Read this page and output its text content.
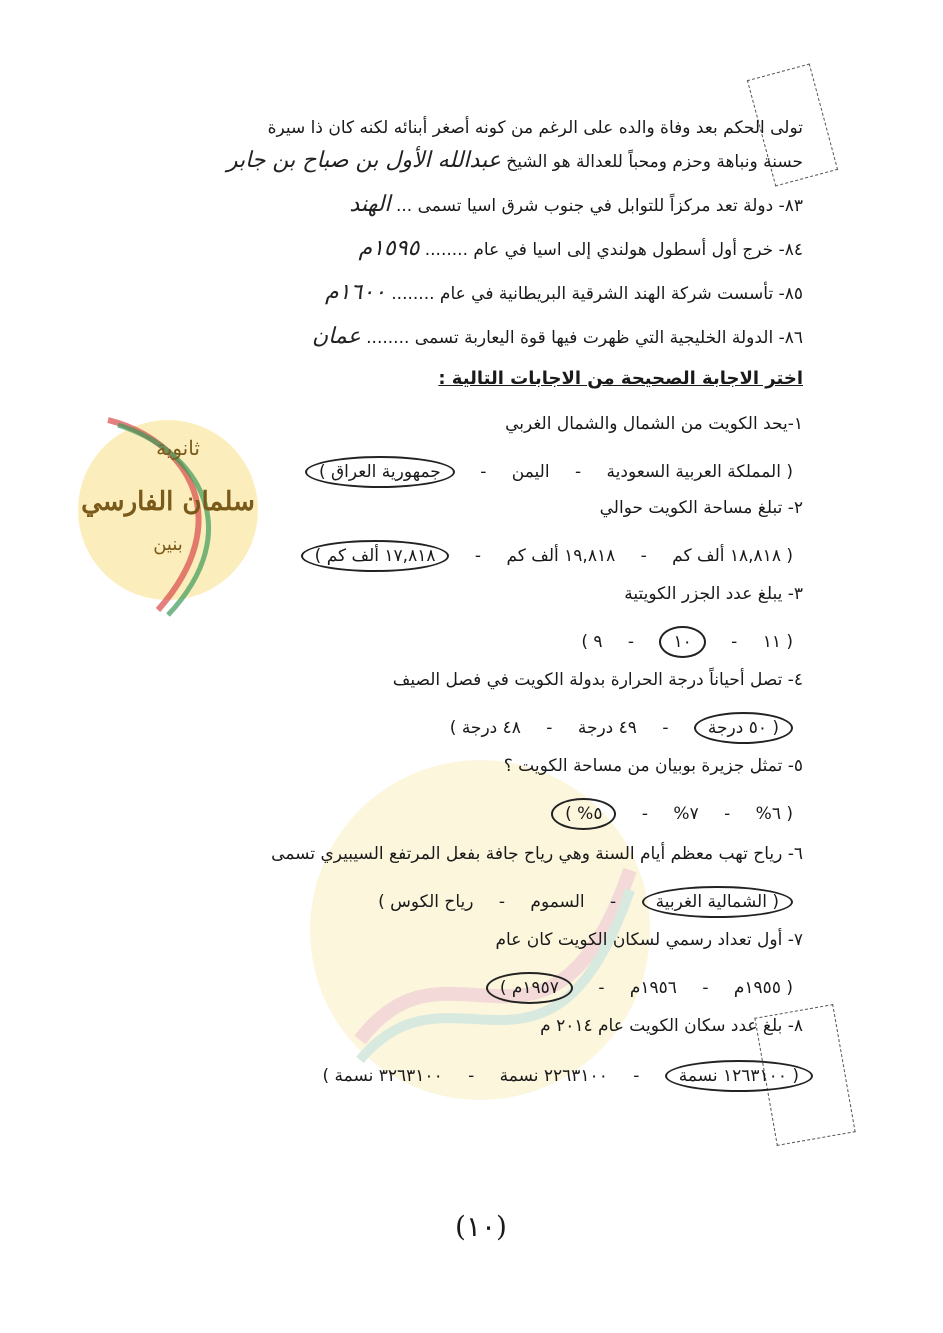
ثانوية
سلمان الفارسي
بنين
تولى الحكم بعد وفاة والده على الرغم من كونه أصغر أبنائه لكنه كان ذا سيرة
حسنة ونباهة وحزم ومحباً للعدالة هو الشيخ عبدالله الأول بن صباح بن جابر
٨٣- دولة تعد مركزاً للتوابل في جنوب شرق اسيا تسمى ... الهند
٨٤- خرج أول أسطول هولندي إلى اسيا في عام ........ ١٥٩٥م
٨٥- تأسست شركة الهند الشرقية البريطانية في عام ........ ١٦٠٠م
٨٦- الدولة الخليجية التي ظهرت فيها قوة اليعاربة تسمى ........ عمان
اختر الاجابة الصحيحة من الاجابات التالية :
١-يحد الكويت من الشمال والشمال الغربي
( المملكة العربية السعودية - اليمن - جمهورية العراق )
٢- تبلغ مساحة الكويت حوالي
( ١٨,٨١٨ ألف كم - ١٩,٨١٨ ألف كم - ١٧,٨١٨ ألف كم )
٣- يبلغ عدد الجزر الكويتية
( ١١ - ١٠ - ٩ )
٤- تصل أحياناً درجة الحرارة بدولة الكويت في فصل الصيف
( ٥٠ درجة - ٤٩ درجة - ٤٨ درجة )
٥- تمثل جزيرة بوبيان من مساحة الكويت ؟
( ٦% - ٧% - ٥% )
٦- رياح تهب معظم أيام السنة وهي رياح جافة بفعل المرتفع السيبيري تسمى
( الشمالية الغربية - السموم - رياح الكوس )
٧- أول تعداد رسمي لسكان الكويت كان عام
( ١٩٥٥م - ١٩٥٦م - ١٩٥٧م )
٨- بلغ عدد سكان الكويت عام ٢٠١٤ م
( ١٢٦٣١٠٠ نسمة - ٢٢٦٣١٠٠ نسمة - ٣٢٦٣١٠٠ نسمة )
(١٠)
